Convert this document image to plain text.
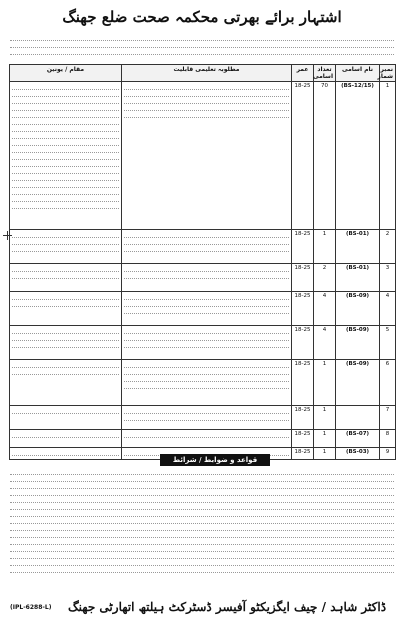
اشتہار برائے بھرتی محکمہ صحت ضلع جھنگ
نمبر شمار	نام اسامی	تعداد اسامی	عمر	مطلوبہ تعلیمی قابلیت	مقام / یونین
1	(BS-12/15)	70	18-25	

2	(BS-01)	1	18-25	

3	(BS-01)	2	18-25	

4	(BS-09)	4	18-25	

5	(BS-09)	4	18-25	

6	(BS-09)	1	18-25	

7		1	18-25	

8	(BS-07)	1	18-25	

9	(BS-03)	1	18-25	

قواعد و ضوابط / شرائط
ڈاکٹر شاہد / چیف ایگزیکٹو آفیسر ڈسٹرکٹ ہیلتھ اتھارٹی جھنگ
(IPL-6288-L)
